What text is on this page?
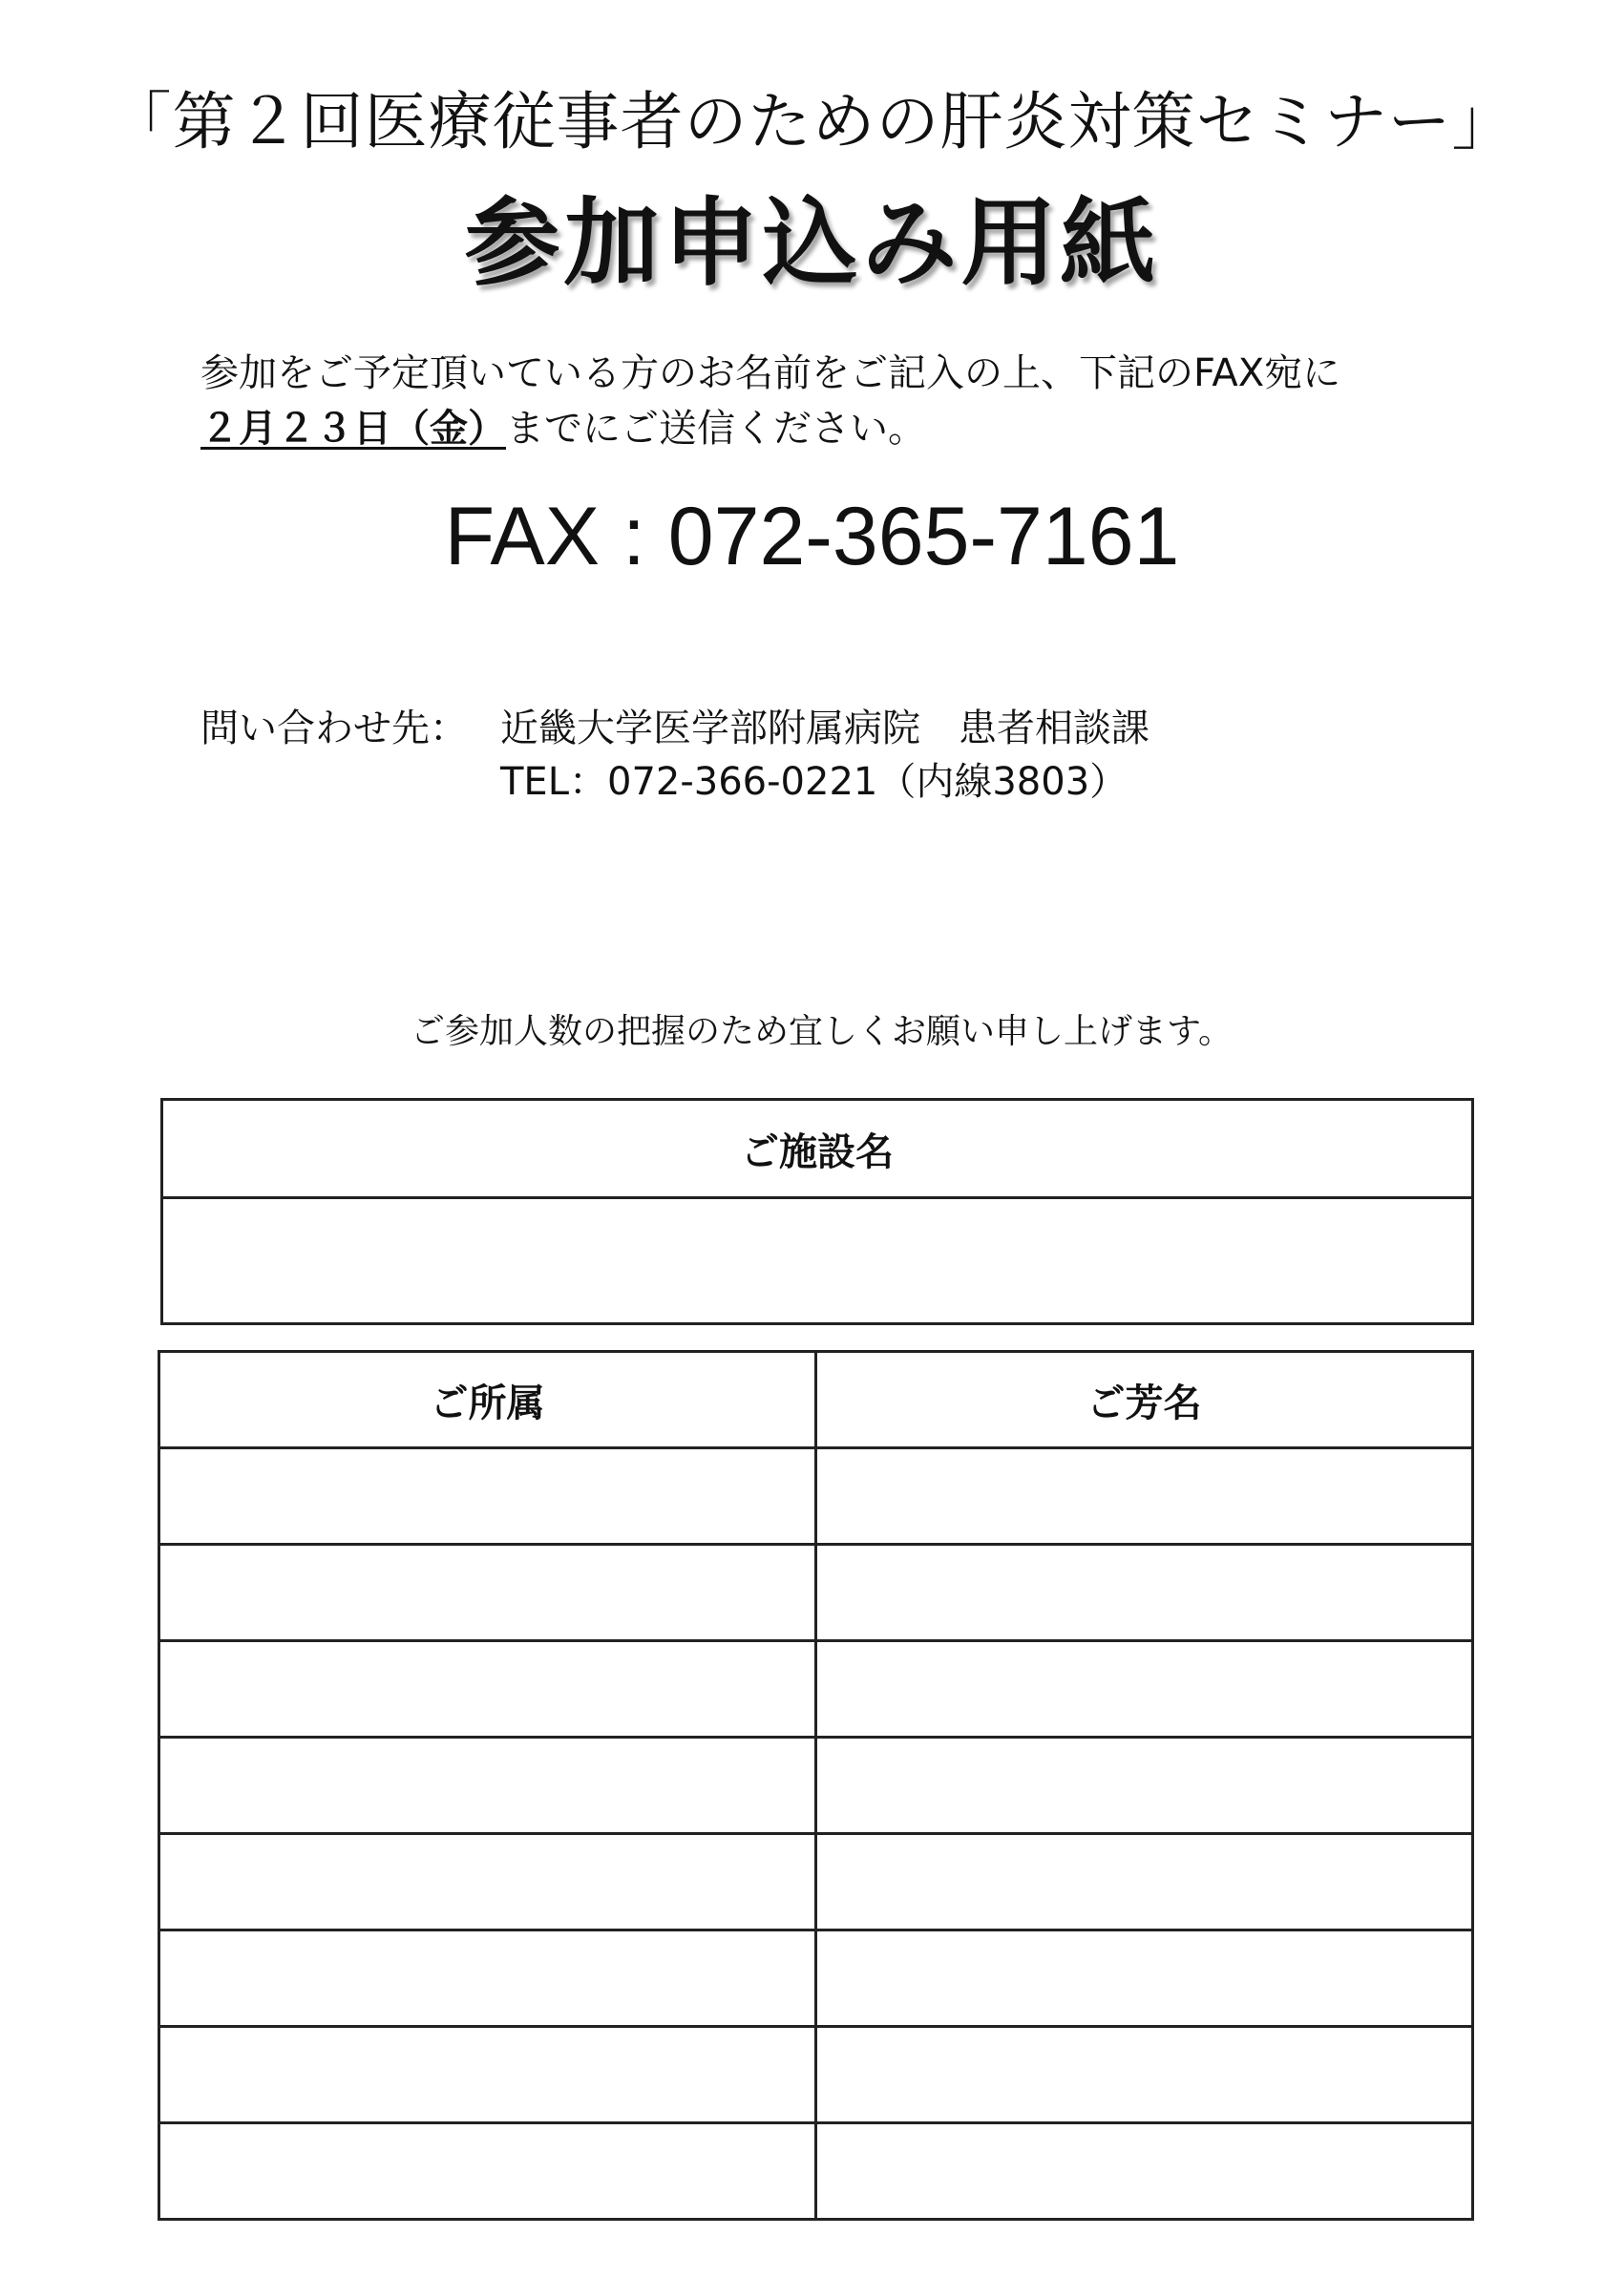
「第２回医療従事者のための肝炎対策セミナー」
参加申込み用紙
参加をご予定頂いている方のお名前をご記入の上、下記のFAX宛に
２月２３日（金）までにご送信ください。
FAX : 072-365-7161
問い合わせ先： 近畿大学医学部附属病院　患者相談課
TEL：072-366-0221（内線3803）
ご参加人数の把握のため宜しくお願い申し上げます。
ご施設名
ご所属	ご芳名
